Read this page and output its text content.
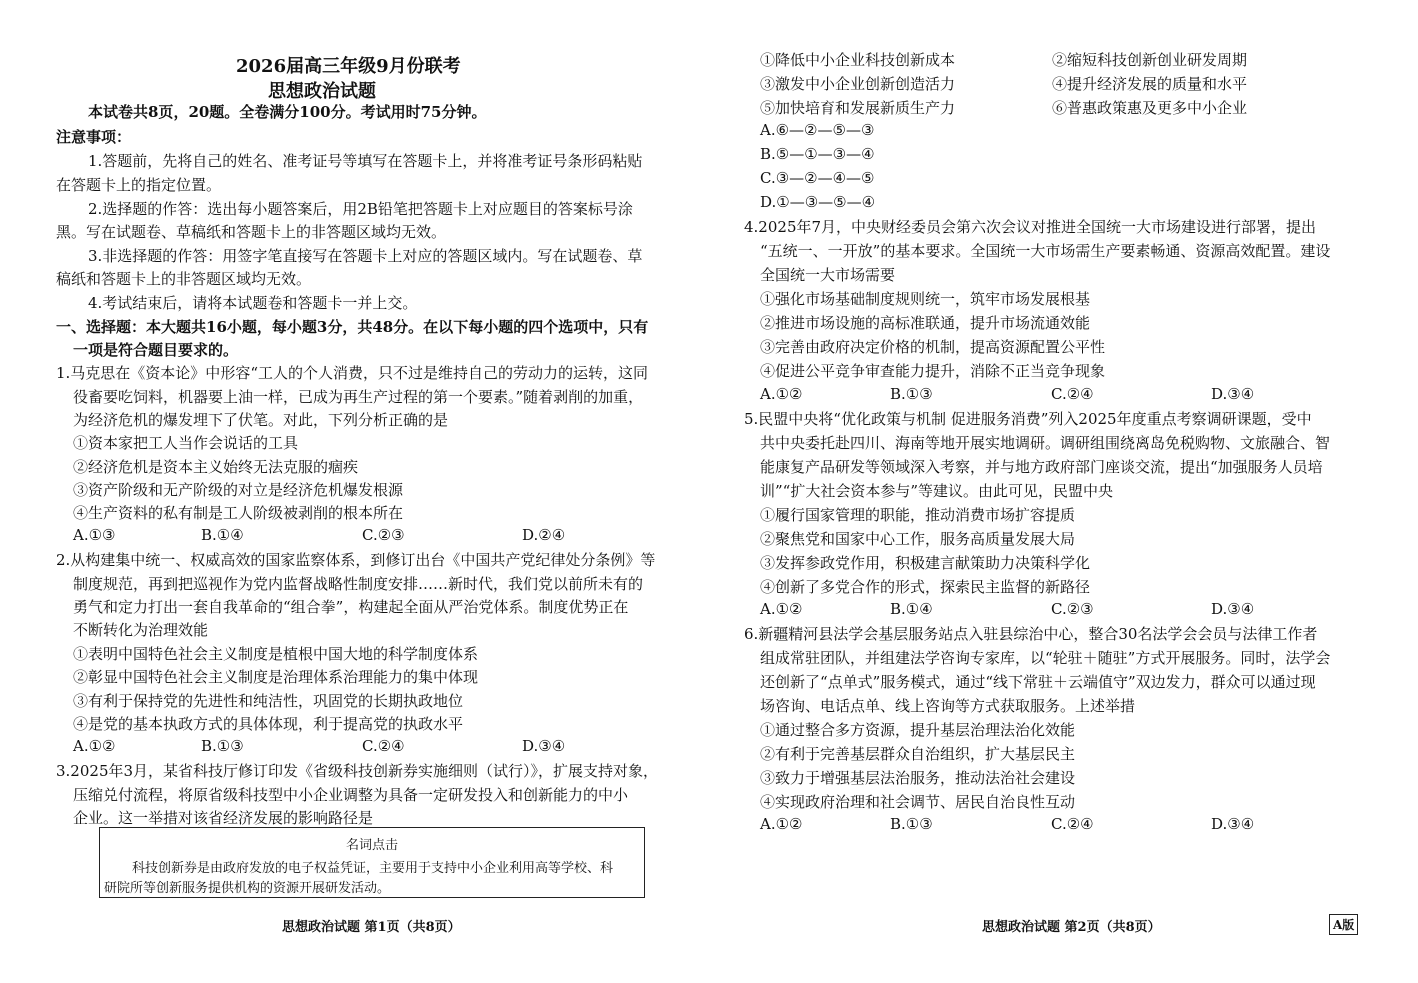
2026届高三年级9月份联考
思想政治试题
本试卷共8页，20题。全卷满分100分。考试用时75分钟。
注意事项：
1.答题前，先将自己的姓名、准考证号等填写在答题卡上，并将准考证号条形码粘贴
在答题卡上的指定位置。
2.选择题的作答：选出每小题答案后，用2B铅笔把答题卡上对应题目的答案标号涂
黑。写在试题卷、草稿纸和答题卡上的非答题区域均无效。
3.非选择题的作答：用签字笔直接写在答题卡上对应的答题区域内。写在试题卷、草
稿纸和答题卡上的非答题区域均无效。
4.考试结束后，请将本试题卷和答题卡一并上交。
一、选择题：本大题共16小题，每小题3分，共48分。在以下每小题的四个选项中，只有
一项是符合题目要求的。
1.马克思在《资本论》中形容“工人的个人消费，只不过是维持自己的劳动力的运转，这同
役畜要吃饲料，机器要上油一样，已成为再生产过程的第一个要素。”随着剥削的加重，
为经济危机的爆发埋下了伏笔。对此，下列分析正确的是
①资本家把工人当作会说话的工具
②经济危机是资本主义始终无法克服的痼疾
③资产阶级和无产阶级的对立是经济危机爆发根源
④生产资料的私有制是工人阶级被剥削的根本所在
A.①③	B.①④	C.②③	D.②④
2.从构建集中统一、权威高效的国家监察体系，到修订出台《中国共产党纪律处分条例》等
制度规范，再到把巡视作为党内监督战略性制度安排……新时代，我们党以前所未有的
勇气和定力打出一套自我革命的“组合拳”，构建起全面从严治党体系。制度优势正在
不断转化为治理效能
①表明中国特色社会主义制度是植根中国大地的科学制度体系
②彰显中国特色社会主义制度是治理体系治理能力的集中体现
③有利于保持党的先进性和纯洁性，巩固党的长期执政地位
④是党的基本执政方式的具体体现，利于提高党的执政水平
A.①②	B.①③	C.②④	D.③④
3.2025年3月，某省科技厅修订印发《省级科技创新券实施细则（试行）》，扩展支持对象，
压缩兑付流程，将原省级科技型中小企业调整为具备一定研发投入和创新能力的中小
企业。这一举措对该省经济发展的影响路径是
名词点击
科技创新券是由政府发放的电子权益凭证，主要用于支持中小企业利用高等学校、科
研院所等创新服务提供机构的资源开展研发活动。
思想政治试题 第1页（共8页）
①降低中小企业科技创新成本	②缩短科技创新创业研发周期
③激发中小企业创新创造活力	④提升经济发展的质量和水平
⑤加快培育和发展新质生产力	⑥普惠政策惠及更多中小企业
A.⑥—②—⑤—③
B.⑤—①—③—④
C.③—②—④—⑤
D.①—③—⑤—④
4.2025年7月，中央财经委员会第六次会议对推进全国统一大市场建设进行部署，提出
“五统一、一开放”的基本要求。全国统一大市场需生产要素畅通、资源高效配置。建设
全国统一大市场需要
①强化市场基础制度规则统一，筑牢市场发展根基
②推进市场设施的高标准联通，提升市场流通效能
③完善由政府决定价格的机制，提高资源配置公平性
④促进公平竞争审查能力提升，消除不正当竞争现象
A.①②	B.①③	C.②④	D.③④
5.民盟中央将“优化政策与机制 促进服务消费”列入2025年度重点考察调研课题，受中
共中央委托赴四川、海南等地开展实地调研。调研组围绕离岛免税购物、文旅融合、智
能康复产品研发等领域深入考察，并与地方政府部门座谈交流，提出“加强服务人员培
训”“扩大社会资本参与”等建议。由此可见，民盟中央
①履行国家管理的职能，推动消费市场扩容提质
②聚焦党和国家中心工作，服务高质量发展大局
③发挥参政党作用，积极建言献策助力决策科学化
④创新了多党合作的形式，探索民主监督的新路径
A.①②	B.①④	C.②③	D.③④
6.新疆精河县法学会基层服务站点入驻县综治中心，整合30名法学会会员与法律工作者
组成常驻团队，并组建法学咨询专家库，以“轮驻＋随驻”方式开展服务。同时，法学会
还创新了“点单式”服务模式，通过“线下常驻＋云端值守”双边发力，群众可以通过现
场咨询、电话点单、线上咨询等方式获取服务。上述举措
①通过整合多方资源，提升基层治理法治化效能
②有利于完善基层群众自治组织，扩大基层民主
③致力于增强基层法治服务，推动法治社会建设
④实现政府治理和社会调节、居民自治良性互动
A.①②	B.①③	C.②④	D.③④
思想政治试题 第2页（共8页）	A版
